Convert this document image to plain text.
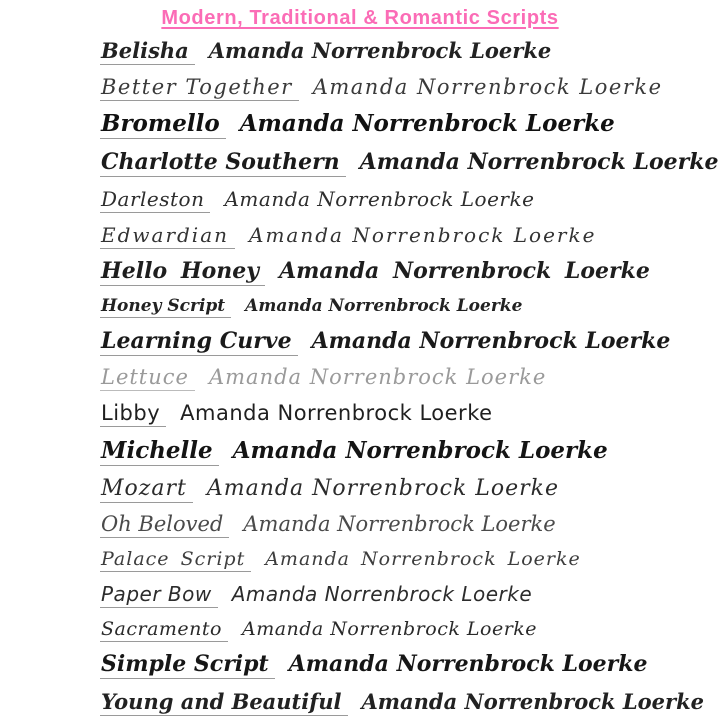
Modern, Traditional & Romantic Scripts
Belisha Amanda Norrenbrock Loerke
Better Together Amanda Norrenbrock Loerke
Bromello Amanda Norrenbrock Loerke
Charlotte Southern Amanda Norrenbrock Loerke
Darleston	Amanda Norrenbrock Loerke
Edwardian	Amanda Norrenbrock Loerke
Hello Honey Amanda Norrenbrock Loerke
Honey Script	Amanda Norrenbrock Loerke
Learning Curve Amanda Norrenbrock Loerke
Lettuce Amanda Norrenbrock Loerke
Libby Amanda Norrenbrock Loerke
Michelle Amanda Norrenbrock Loerke
Mozart Amanda Norrenbrock Loerke
Oh Beloved Amanda Norrenbrock Loerke
Palace Script	Amanda Norrenbrock Loerke
Paper Bow	Amanda Norrenbrock Loerke
Sacramento	Amanda Norrenbrock Loerke
Simple Script Amanda Norrenbrock Loerke
Young and Beautiful Amanda Norrenbrock Loerke
